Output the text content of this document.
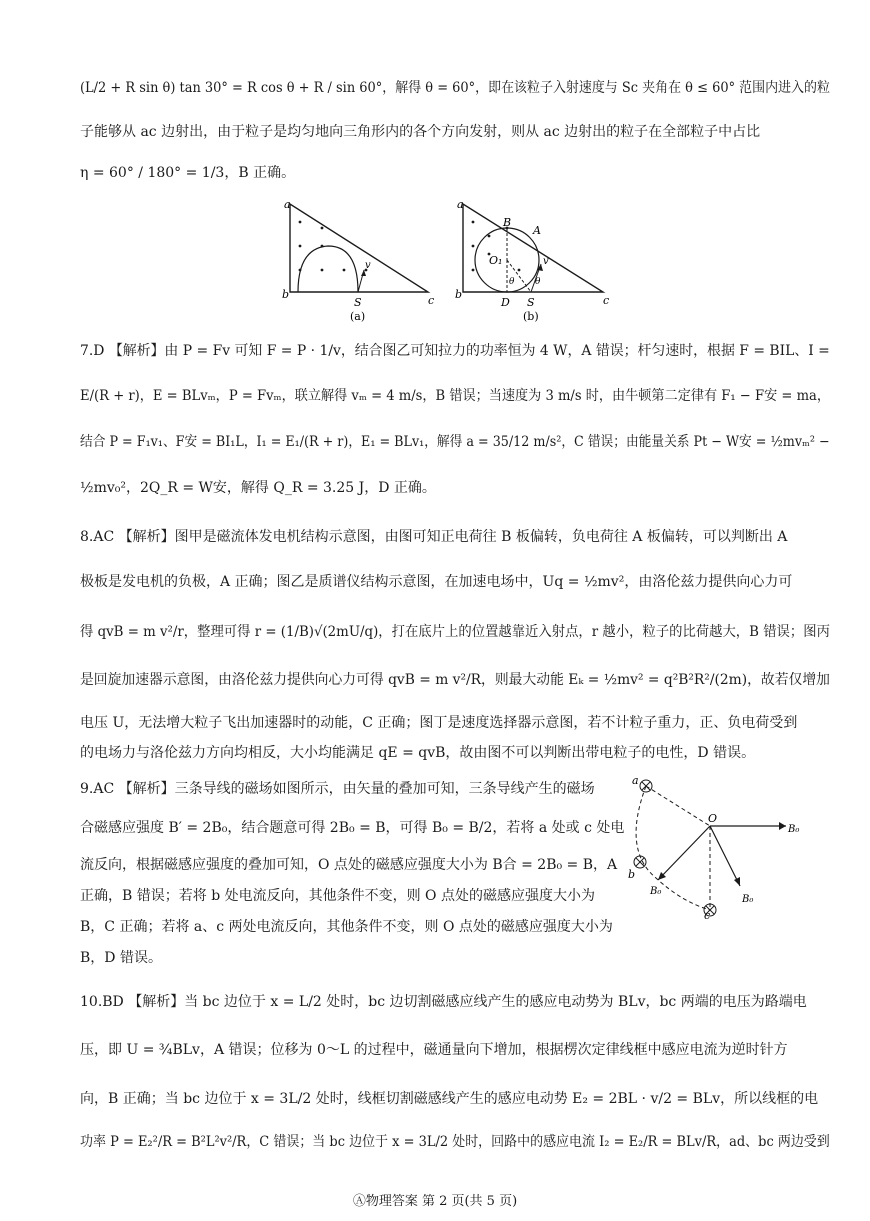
(L/2 + R sin θ) tan 30° = R cos θ + R / sin 60°，解得 θ = 60°，即在该粒子入射速度与 Sc 夹角在 θ ≤ 60° 范围内进入的粒
子能够从 ac 边射出，由于粒子是均匀地向三角形内的各个方向发射，则从 ac 边射出的粒子在全部粒子中占比
η = 60° / 180° = 1/3，B 正确。
a
b	c
S
v
(a)
a
b	c
S
D
O₁
B
A
v
θ θ
(b)
7.D 【解析】由 P = Fv 可知 F = P · 1/v，结合图乙可知拉力的功率恒为 4 W，A 错误；杆匀速时，根据 F = BIL、I =
E/(R + r)，E = BLvₘ，P = Fvₘ，联立解得 vₘ = 4 m/s，B 错误；当速度为 3 m/s 时，由牛顿第二定律有 F₁ − F安 = ma，
结合 P = F₁v₁、F安 = BI₁L，I₁ = E₁/(R + r)，E₁ = BLv₁，解得 a = 35/12 m/s²，C 错误；由能量关系 Pt − W安 = ½mvₘ² −
½mv₀²，2Q_R = W安，解得 Q_R = 3.25 J，D 正确。
8.AC 【解析】图甲是磁流体发电机结构示意图，由图可知正电荷往 B 板偏转，负电荷往 A 板偏转，可以判断出 A
极板是发电机的负极，A 正确；图乙是质谱仪结构示意图，在加速电场中，Uq = ½mv²，由洛伦兹力提供向心力可
得 qvB = m v²/r，整理可得 r = (1/B)√(2mU/q)，打在底片上的位置越靠近入射点，r 越小，粒子的比荷越大，B 错误；图丙
是回旋加速器示意图，由洛伦兹力提供向心力可得 qvB = m v²/R，则最大动能 Eₖ = ½mv² = q²B²R²/(2m)，故若仅增加
电压 U，无法增大粒子飞出加速器时的动能，C 正确；图丁是速度选择器示意图，若不计粒子重力，正、负电荷受到
的电场力与洛伦兹力方向均相反，大小均能满足 qE = qvB，故由图不可以判断出带电粒子的电性，D 错误。
9.AC 【解析】三条导线的磁场如图所示，由矢量的叠加可知，三条导线产生的磁场
合磁感应强度 B′ = 2B₀，结合题意可得 2B₀ = B，可得 B₀ = B/2，若将 a 处或 c 处电
流反向，根据磁感应强度的叠加可知，O 点处的磁感应强度大小为 B合 = 2B₀ = B，A
正确，B 错误；若将 b 处电流反向，其他条件不变，则 O 点处的磁感应强度大小为
B，C 正确；若将 a、c 两处电流反向，其他条件不变，则 O 点处的磁感应强度大小为
B，D 错误。
a
b
c
O
B₀
B₀
B₀
10.BD 【解析】当 bc 边位于 x = L/2 处时，bc 边切割磁感应线产生的感应电动势为 BLv，bc 两端的电压为路端电
压，即 U = ¾BLv，A 错误；位移为 0～L 的过程中，磁通量向下增加，根据楞次定律线框中感应电流为逆时针方
向，B 正确；当 bc 边位于 x = 3L/2 处时，线框切割磁感线产生的感应电动势 E₂ = 2BL · v/2 = BLv，所以线框的电
功率 P = E₂²/R = B²L²v²/R，C 错误；当 bc 边位于 x = 3L/2 处时，回路中的感应电流 I₂ = E₂/R = BLv/R，ad、bc 两边受到
Ⓐ物理答案 第 2 页(共 5 页)
